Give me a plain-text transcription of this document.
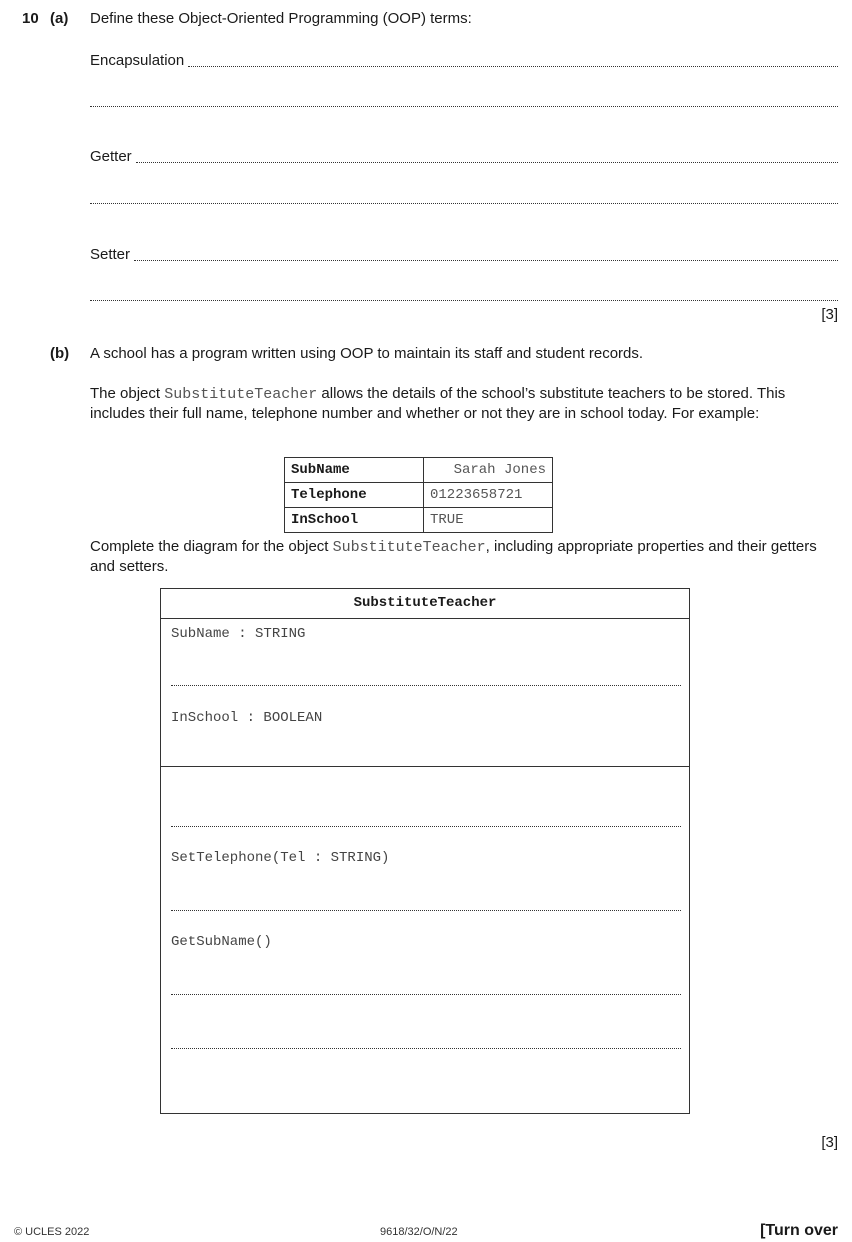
10 (a) Define these Object-Oriented Programming (OOP) terms:
Encapsulation
Getter
Setter
[3]
(b) A school has a program written using OOP to maintain its staff and student records.
The object SubstituteTeacher allows the details of the school’s substitute teachers to be stored. This includes their full name, telephone number and whether or not they are in school today. For example:
SubName	Sarah Jones
Telephone	01223658721
InSchool	TRUE
Complete the diagram for the object SubstituteTeacher, including appropriate properties and their getters and setters.
SubstituteTeacher
SubName : STRING
InSchool : BOOLEAN
SetTelephone(Tel : STRING)
GetSubName()
[3]
© UCLES 2022	9618/32/O/N/22	[Turn over
